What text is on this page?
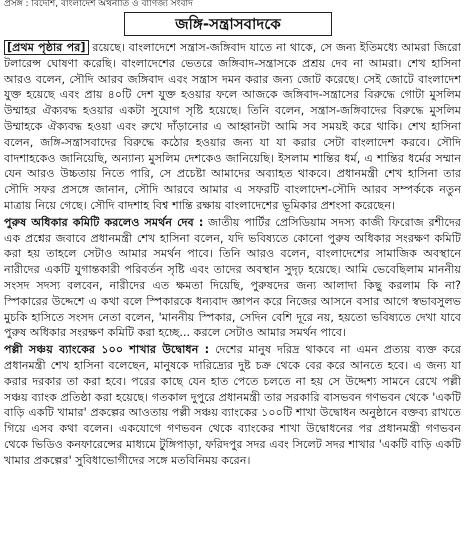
প্রসঙ্গ : বিদেশি, বাংলাদেশ অর্থনীতি ও বাণিজ্য সংবাদ
জঙ্গি-সন্ত্রাসবাদকে

[প্রথম পৃষ্ঠার পর] রয়েছে। বাংলাদেশে সন্ত্রাস-জঙ্গিবাদ যাতে না থাকে, সে জন্য ইতিমধ্যে আমরা জিরো টলারেন্স ঘোষণা করেছি। বাংলাদেশের ভেতরে জঙ্গিবাদ-সন্ত্রাসকে প্রশ্রয় দেব না আমরা। শেখ হাসিনা আরও বলেন, সৌদি আরব জঙ্গিবাদ এবং সন্ত্রাস দমন করার জন্য জোট করেছে। সেই জোটে বাংলাদেশ যুক্ত হয়েছে এবং প্রায় ৪০টি দেশ যুক্ত হওয়ার ফলে আজকে জঙ্গিবাদ-সন্ত্রাসের বিরুদ্ধে গোটা মুসলিম উম্মাহর ঐক্যবদ্ধ হওয়ার একটা সুযোগ সৃষ্টি হয়েছে। তিনি বলেন, সন্ত্রাস-জঙ্গিবাদের বিরুদ্ধে মুসলিম উম্মাহকে ঐক্যবদ্ধ হওয়া এবং রুখে দাঁড়ানোর এ আহ্বানটা আমি সব সময়ই করে থাকি। শেখ হাসিনা বলেন, জঙ্গি-সন্ত্রাসবাদের বিরুদ্ধে কঠোর হওয়ার জন্য যা যা করার সেটা বাংলাদেশ করবে। সৌদি বাদশাহকেও জানিয়েছি, অন্যান্য মুসলিম দেশকেও জানিয়েছি। ইসলাম শান্তির ধর্ম, এ শান্তির ধর্মের সম্মান যেন আরও উচ্চতায় নিতে পারি, সে প্রচেষ্টা আমাদের অব্যাহত থাকবে। প্রধানমন্ত্রী শেখ হাসিনা তার সৌদি সফর প্রসঙ্গে জানান, সৌদি আরবে আমার এ সফরটি বাংলাদেশ-সৌদি আরব সম্পর্ককে নতুন মাত্রায় নিয়ে গেছে। সৌদি বাদশাহ বিশ্ব শান্তি রক্ষায় বাংলাদেশের ভূমিকার প্রশংসা করেছেন।

পুরুষ অধিকার কমিটি করলেও সমর্থন দেব : জাতীয় পার্টির প্রেসিডিয়াম সদস্য কাজী ফিরোজ রশীদের এক প্রশ্নের জবাবে প্রধানমন্ত্রী শেখ হাসিনা বলেন, যদি ভবিষ্যতে কোনো পুরুষ অধিকার সংরক্ষণ কমিটি করা হয় তাহলে সেটাও আমার সমর্থন পাবে। তিনি আরও বলেন, বাংলাদেশের সামাজিক অবস্থানে নারীদের একটি যুগান্তকারী পরিবর্তন সৃষ্টি এবং তাদের অবস্থান সুদৃঢ় হয়েছে। আমি ভেবেছিলাম মাননীয় সংসদ সদস্য বলবেন, নারীদের এত ক্ষমতা দিয়েছি, পুরুষদের জন্য আলাদা কিছু করলাম কি না? স্পিকারের উদ্দেশে এ কথা বলে স্পিকারকে ধন্যবাদ জ্ঞাপন করে নিজের আসনে বসার আগে স্বভাবসুলভ মুচকি হাসিতে সংসদ নেতা বলেন, 'মাননীয় স্পিকার, সেদিন বেশি দূরে নয়, হয়তো ভবিষ্যতে দেখা যাবে পুরুষ অধিকার সংরক্ষণ কমিটি করা হচ্ছে... করলে সেটাও আমার সমর্থন পাবে।

পল্লী সঞ্চয় ব্যাংকের ১০০ শাখার উদ্বোধন : দেশের মানুষ দরিদ্র থাকবে না এমন প্রত্যয় ব্যক্ত করে প্রধানমন্ত্রী শেখ হাসিনা বলেছেন, মানুষকে দারিদ্র্যের দুষ্ট চক্র থেকে বের করে আনতে হবে। এ জন্য যা করার দরকার তা করা হবে। পরের কাছে যেন হাত পেতে চলতে না হয় সে উদ্দেশ্য সামনে রেখে পল্লী সঞ্চয় ব্যাংক প্রতিষ্ঠা করা হয়েছে। গতকাল দুপুরে প্রধানমন্ত্রী তার সরকারি বাসভবন গণভবন থেকে 'একটি বাড়ি একটি খামার' প্রকল্পের আওতায় পল্লী সঞ্চয় ব্যাংকের ১০০টি শাখা উদ্বোধন অনুষ্ঠানে বক্তব্য রাখতে গিয়ে এসব কথা বলেন। একযোগে গণভবন থেকে ব্যাংকের শাখা উদ্বোধনের পর প্রধানমন্ত্রী গণভবন থেকে ভিডিও কনফারেন্সের মাধ্যমে টুঙ্গিপাড়া, ফরিদপুর সদর এবং সিলেট সদর শাখার 'একটি বাড়ি একটি খামার প্রকল্পের' সুবিধাভোগীদের সঙ্গে মতবিনিময় করেন।
